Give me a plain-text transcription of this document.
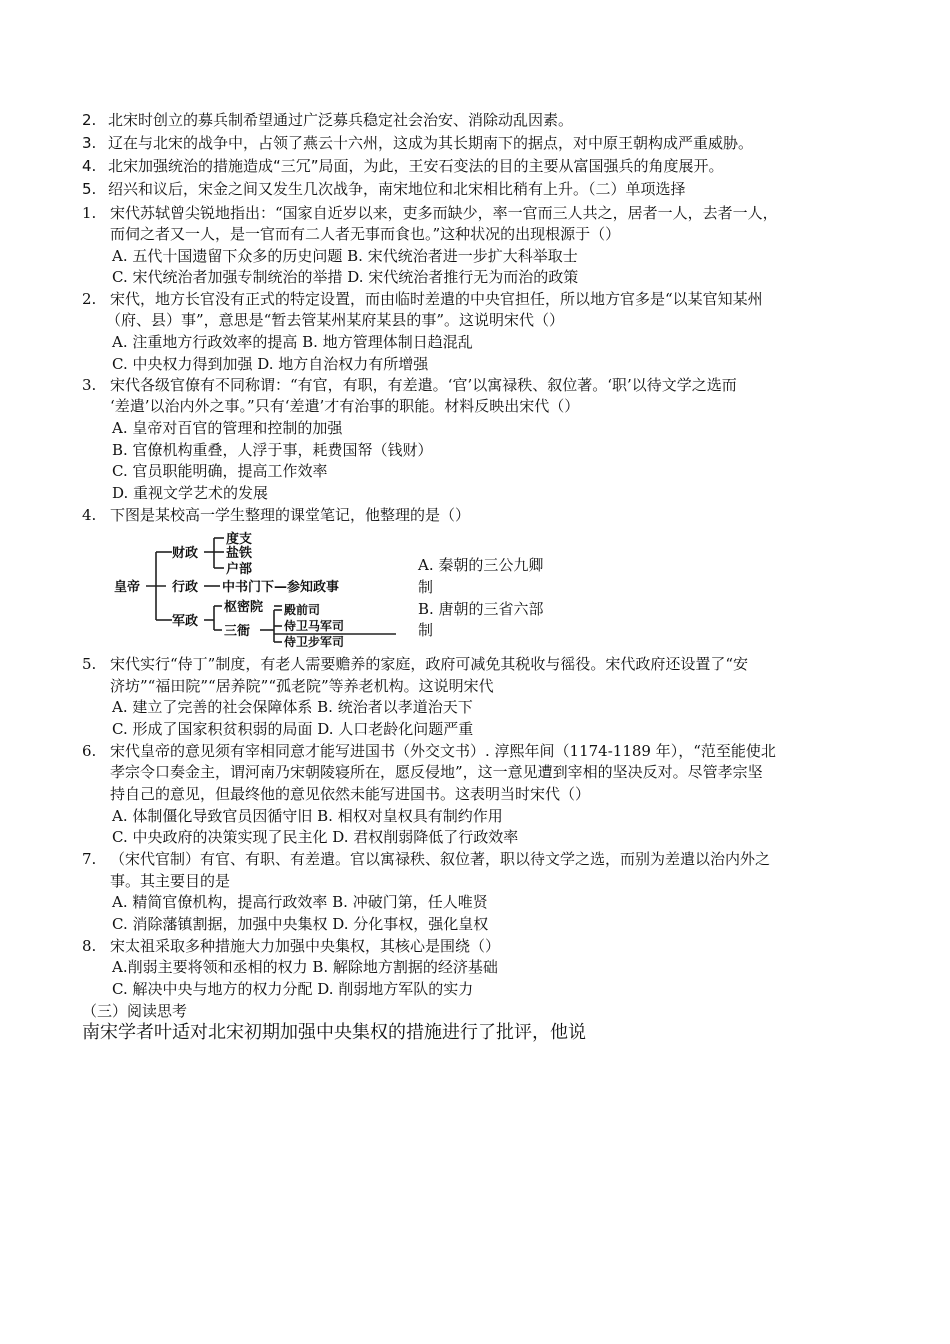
2. 北宋时创立的募兵制希望通过广泛募兵稳定社会治安、消除动乱因素。
3. 辽在与北宋的战争中，占领了燕云十六州，这成为其长期南下的据点，对中原王朝构成严重威胁。
4. 北宋加强统治的措施造成“三冗”局面，为此，王安石变法的目的主要从富国强兵的角度展开。
5. 绍兴和议后，宋金之间又发生几次战争，南宋地位和北宋相比稍有上升。（二）单项选择
1. 宋代苏轼曾尖锐地指出：“国家自近岁以来，吏多而缺少，率一官而三人共之，居者一人，去者一人，
而伺之者又一人，是一官而有二人者无事而食也。”这种状况的出现根源于（）
A. 五代十国遗留下众多的历史问题 B. 宋代统治者进一步扩大科举取士
C. 宋代统治者加强专制统治的举措 D. 宋代统治者推行无为而治的政策
2. 宋代，地方长官没有正式的特定设置，而由临时差遣的中央官担任，所以地方官多是“以某官知某州
（府、县）事”，意思是“暂去管某州某府某县的事”。这说明宋代（）
A. 注重地方行政效率的提高 B. 地方管理体制日趋混乱
C. 中央权力得到加强 D. 地方自治权力有所增强
3. 宋代各级官僚有不同称谓：“有官，有职，有差遣。‘官’以寓禄秩、叙位著。‘职’以待文学之选而
‘差遣’以治内外之事。”只有‘差遣’才有治事的职能。材料反映出宋代（）
A. 皇帝对百官的管理和控制的加强
B. 官僚机构重叠，人浮于事，耗费国帑（钱财）
C. 官员职能明确，提高工作效率
D. 重视文学艺术的发展
4. 下图是某校高一学生整理的课堂笔记，他整理的是（）
皇帝
财政
度支
盐铁
户部
行政 中书门下—参知政事
军政
枢密院
三衙
殿前司
侍卫马军司
侍卫步军司
A. 秦朝的三公九卿
制
B. 唐朝的三省六部
制
5. 宋代实行“侍丁”制度，有老人需要赡养的家庭，政府可减免其税收与徭役。宋代政府还设置了“安
济坊”“福田院”“居养院”“孤老院”等养老机构。这说明宋代
A. 建立了完善的社会保障体系 B. 统治者以孝道治天下
C. 形成了国家积贫积弱的局面 D. 人口老龄化问题严重
6. 宋代皇帝的意见须有宰相同意才能写进国书（外交文书）. 淳熙年间（1174-1189 年），“范至能使北
孝宗令口奏金主，谓河南乃宋朝陵寝所在，愿反侵地”，这一意见遭到宰相的坚决反对。尽管孝宗坚
持自己的意见，但最终他的意见依然未能写进国书。这表明当时宋代（）
A. 体制僵化导致官员因循守旧 B. 相权对皇权具有制约作用
C. 中央政府的决策实现了民主化 D. 君权削弱降低了行政效率
7. （宋代官制）有官、有职、有差遣。官以寓禄秩、叙位著，职以待文学之选，而别为差遣以治内外之
事。其主要目的是
A. 精简官僚机构，提高行政效率 B. 冲破门第，任人唯贤
C. 消除藩镇割据，加强中央集权 D. 分化事权，强化皇权
8. 宋太祖采取多种措施大力加强中央集权，其核心是围绕（）
A.削弱主要将领和丞相的权力 B. 解除地方割据的经济基础
C. 解决中央与地方的权力分配 D. 削弱地方军队的实力
（三）阅读思考
南宋学者叶适对北宋初期加强中央集权的措施进行了批评，他说
